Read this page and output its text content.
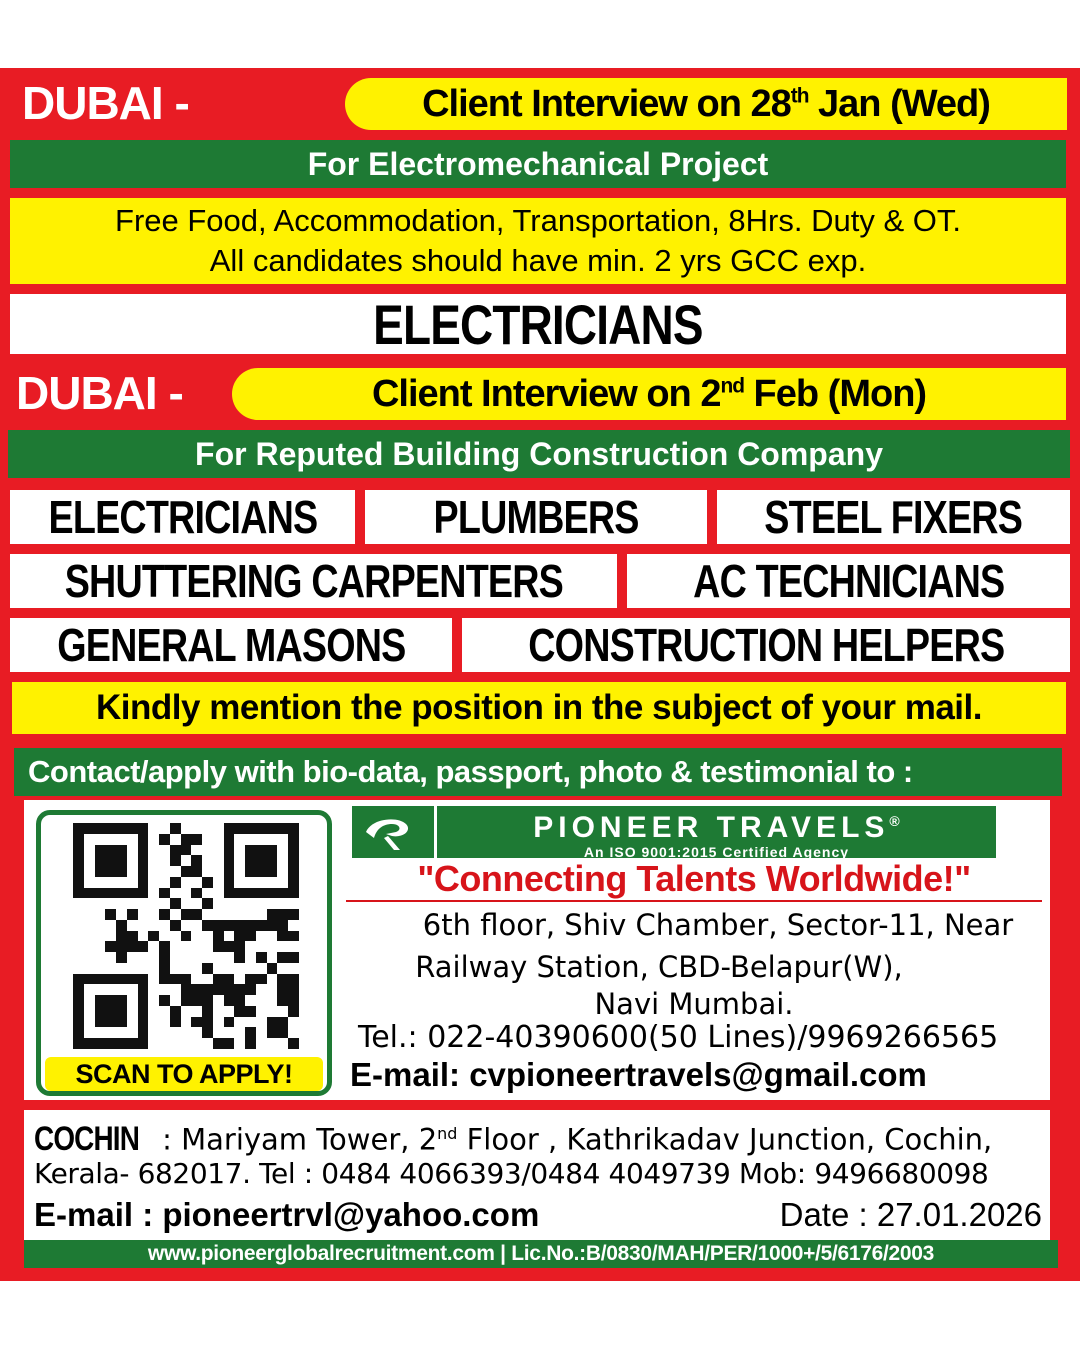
DUBAI -	Client Interview on 28th Jan (Wed)
For Electromechanical Project
Free Food, Accommodation, Transportation, 8Hrs. Duty & OT.
All candidates should have min. 2 yrs GCC exp.
ELECTRICIANS
DUBAI -	Client Interview on 2nd Feb (Mon)
For Reputed Building Construction Company
ELECTRICIANS	PLUMBERS	STEEL FIXERS
SHUTTERING CARPENTERS	AC TECHNICIANS
GENERAL MASONS	CONSTRUCTION HELPERS
Kindly mention the position in the subject of your mail.
Contact/apply with bio-data, passport, photo & testimonial to :
SCAN TO APPLY!
PIONEER TRAVELS®
An ISO 9001:2015 Certified Agency
"Connecting Talents Worldwide!"
6th floor, Shiv Chamber, Sector-11, Near
Railway Station, CBD-Belapur(W),
Navi Mumbai.
Tel.: 022-40390600(50 Lines)/9969266565
E-mail: cvpioneertravels@gmail.com
COCHIN : Mariyam Tower, 2nd Floor , Kathrikadav Junction, Cochin,
Kerala- 682017. Tel : 0484 4066393/0484 4049739 Mob: 9496680098
E-mail : pioneertrvl@yahoo.com	Date : 27.01.2026
www.pioneerglobalrecruitment.com | Lic.No.:B/0830/MAH/PER/1000+/5/6176/2003
